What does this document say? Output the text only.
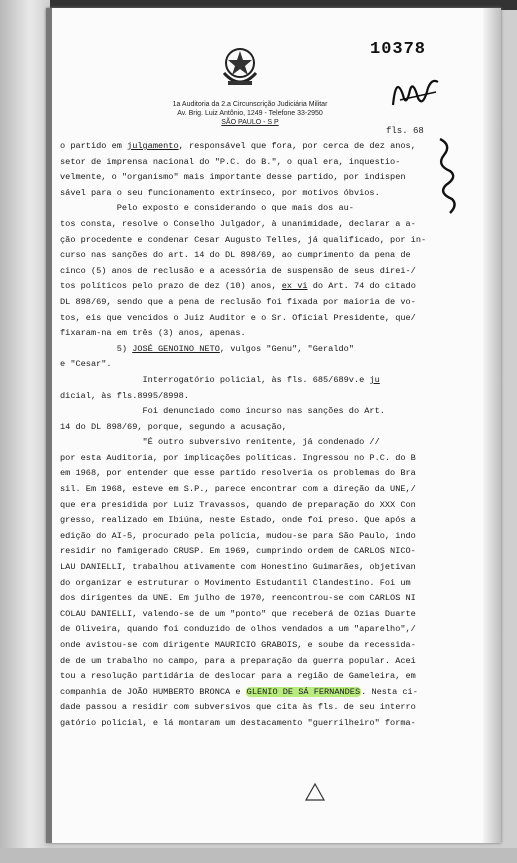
10378
1a Auditoria da 2.a Circunscrição Judiciária Militar
Av. Brig. Luiz Antônio, 1249 - Telefone 33-2950
SÃO PAULO - S P
fls. 68
o partido em julgamento, responsável que fora, por cerca de dez anos,
setor de imprensa nacional do "P.C. do B.", o qual era, inquestio-
velmente, o "organismo" mais importante desse partido, por indispen
sável para o seu funcionamento extrínseco, por motivos óbvios.
Pelo exposto e considerando o que mais dos au-
tos consta, resolve o Conselho Julgador, à unanimidade, declarar a a-
ção procedente e condenar Cesar Augusto Telles, já qualificado, por in-
curso nas sanções do art. 14 do DL 898/69, ao cumprimento da pena de
cinco (5) anos de reclusão e a acessória de suspensão de seus direi-/
tos políticos pelo prazo de dez (10) anos, ex vi do Art. 74 do citado
DL 898/69, sendo que a pena de reclusão foi fixada por maioria de vo-
tos, eis que vencidos o Juiz Auditor e o Sr. Oficial Presidente, que/
fixaram-na em três (3) anos, apenas.
5) JOSÉ GENOINO NETO, vulgos "Genu", "Geraldo"
e "Cesar".
Interrogatório policial, às fls. 685/689v.e ju
dicial, às fls.8995/8998.
Foi denunciado como incurso nas sanções do Art.
14 do DL 898/69, porque, segundo a acusação,
"É outro subversivo renitente, já condenado //
por esta Auditoria, por implicações políticas. Ingressou no P.C. do B
em 1968, por entender que esse partido resolveria os problemas do Bra
sil. Em 1968, esteve em S.P., parece encontrar com a direção da UNE,/
que era presidida por Luiz Travassos, quando de preparação do XXX Con
gresso, realizado em Ibiúna, neste Estado, onde foi preso. Que após a
edição do AI-5, procurado pela polícia, mudou-se para São Paulo, indo
residir no famigerado CRUSP. Em 1969, cumprindo ordem de CARLOS NICO-
LAU DANIELLI, trabalhou ativamente com Honestino Guimarães, objetivan
do organizar e estruturar o Movimento Estudantil Clandestino. Foi um
dos dirigentes da UNE. Em julho de 1970, reencontrou-se com CARLOS NI
COLAU DANIELLI, valendo-se de um "ponto" que receberá de Ozias Duarte
de Oliveira, quando foi conduzido de olhos vendados a um "aparelho",/
onde avistou-se com dirigente MAURICIO GRABOIS, e soube da recessida-
de de um trabalho no campo, para a preparação da guerra popular. Acei
tou a resolução partidária de deslocar para a região de Gameleira, em
companhia de JOÃO HUMBERTO BRONCA e GLENIO DE SÁ FERNANDES. Nesta ci-
dade passou a residir com subversivos que cita às fls. de seu interro
gatório policial, e lá montaram um destacamento "guerrilheiro" forma-
